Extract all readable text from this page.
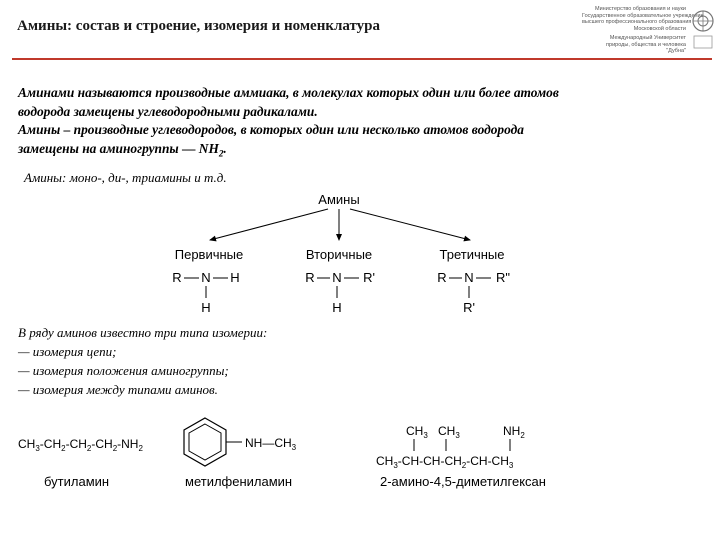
Амины: состав и строение, изомерия и номенклатура
Министерство образования и науки
Государственное образовательное учреждение
высшего профессионального образования
Московской области
Международный Университет
природы, общества и человека
"Дубна"
Аминами называются производные аммиака, в молекулах которых один или более атомов
водорода замещены углеводородными радикалами.
Амины – производные углеводородов, в которых один или несколько атомов водорода
замещены на аминогруппы — $NH_2$.
Амины: моно-, ди-, триамины и т.д.
Амины
Первичные
R N H
H
Вторичные
R N R'
H
Третичные
R N R"
R'
В ряду аминов известно три типа изомерии:
— изомерия цепи;
— изомерия положения аминогруппы;
— изомерия между типами аминов.
$CH_3-CH_2-CH_2-CH_2-NH_2$
бутиламин
$NH—CH_3$
метилфениламин
$CH_3$ $CH_3$	$NH_2$
$CH_3-CH-CH-CH_2-CH-CH_3$
2-амино-4,5-диметилгексан
